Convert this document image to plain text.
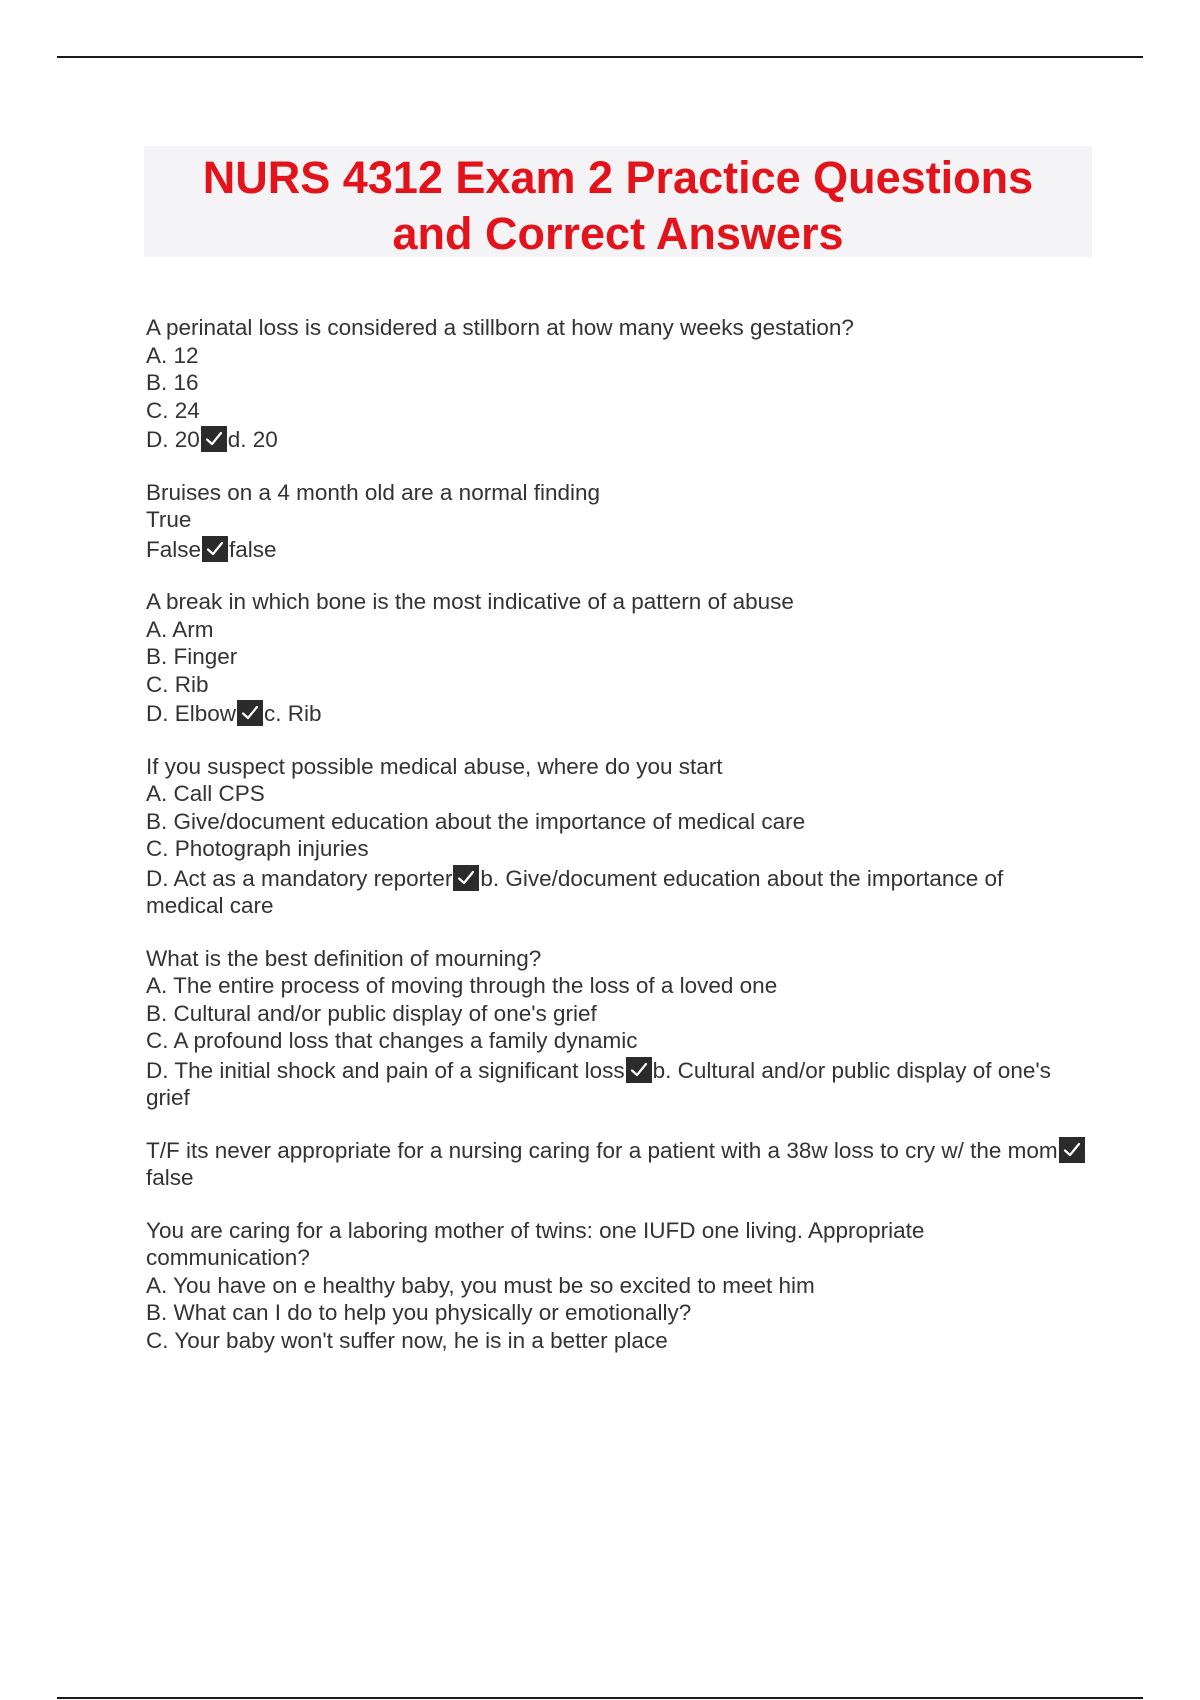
NURS 4312 Exam 2 Practice Questions
and Correct Answers
A perinatal loss is considered a stillborn at how many weeks gestation?
A. 12
B. 16
C. 24
D. 20 d. 20
Bruises on a 4 month old are a normal finding
True
False false
A break in which bone is the most indicative of a pattern of abuse
A. Arm
B. Finger
C. Rib
D. Elbow c. Rib
If you suspect possible medical abuse, where do you start
A. Call CPS
B. Give/document education about the importance of medical care
C. Photograph injuries
D. Act as a mandatory reporter b. Give/document education about the importance of medical care
What is the best definition of mourning?
A. The entire process of moving through the loss of a loved one
B. Cultural and/or public display of one's grief
C. A profound loss that changes a family dynamic
D. The initial shock and pain of a significant loss b. Cultural and/or public display of one's grief
T/F its never appropriate for a nursing caring for a patient with a 38w loss to cry w/ the mom
false
You are caring for a laboring mother of twins: one IUFD one living. Appropriate communication?
A. You have on e healthy baby, you must be so excited to meet him
B. What can I do to help you physically or emotionally?
C. Your baby won't suffer now, he is in a better place
